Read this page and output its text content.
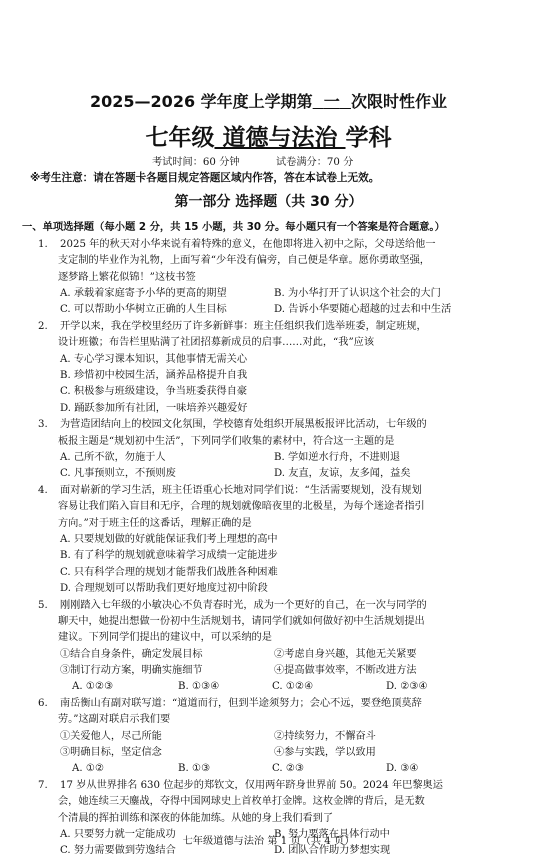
2025—2026 学年度上学期第 一 次限时性作业
七年级 道德与法治 学科
考试时间：60 分钟	试卷满分：70 分
※考生注意：请在答题卡各题目规定答题区域内作答，答在本试卷上无效。
第一部分 选择题（共 30 分）
一、单项选择题（每小题 2 分，共 15 小题，共 30 分。每小题只有一个答案是符合题意。）
1. 2025 年的秋天对小华来说有着特殊的意义，在他即将进入初中之际，父母送给他一
支定制的毕业作为礼物，上面写着“少年没有偏旁，自己便是华章。愿你勇敢坚强，
逐梦路上繁花似锦！”这枝书签
A. 承载着家庭寄予小华的更高的期望	B. 为小华打开了认识这个社会的大门
C. 可以帮助小华树立正确的人生目标	D. 告诉小华要随心超越的过去和中生活
2. 开学以来，我在学校里经历了许多新鲜事：班主任组织我们选举班委，制定班规，
设计班徽；布告栏里贴满了社团招募新成员的启事……对此，“我”应该
A. 专心学习课本知识，其他事情无需关心
B. 珍惜初中校园生活，涵养品格提升自我
C. 积极参与班级建设，争当班委获得自豪
D. 踊跃参加所有社团，一味培养兴趣爱好
3. 为营造团结向上的校园文化氛围，学校德育处组织开展黑板报评比活动，七年级的
板报主题是“规划初中生活”，下列同学们收集的素材中，符合这一主题的是
A. 己所不欲，勿施于人	B. 学如逆水行舟，不进则退
C. 凡事预则立，不预则废	D. 友直，友谅，友多闻，益矣
4. 面对崭新的学习生活，班主任语重心长地对同学们说：“生活需要规划，没有规划
容易让我们陷入盲目和无序，合理的规划就像暗夜里的北极星，为每个迷途者指引
方向。”对于班主任的这番话，理解正确的是
A. 只要规划做的好就能保证我们考上理想的高中
B. 有了科学的规划就意味着学习成绩一定能进步
C. 只有科学合理的规划才能帮我们战胜各种困难
D. 合理规划可以帮助我们更好地度过初中阶段
5. 刚刚踏入七年级的小敏决心不负青春时光，成为一个更好的自己，在一次与同学的
聊天中，她提出想做一份初中生活规划书，请同学们就如何做好初中生活规划提出
建议。下列同学们提出的建议中，可以采纳的是
①结合自身条件，确定发展目标	②考虑自身兴趣，其他无关紧要
③制订行动方案，明确实施细节	④提高做事效率，不断改进方法
A. ①②③	B. ①③④	C. ①②④	D. ②③④
6. 南岳衡山有副对联写道：“道道而行，但到半途须努力；会心不远，要登绝顶莫辞
劳。”这副对联启示我们要
①关爱他人，尽己所能	②持续努力，不懈奋斗
③明确目标，坚定信念	④参与实践，学以致用
A. ①②	B. ①③	C. ②③	D. ③④
7. 17 岁从世界排名 630 位起步的郑钦文，仅用两年跻身世界前 50。2024 年巴黎奥运
会，她连续三天鏖战，夺得中国网球史上首枚单打金牌。这枚金牌的背后，是无数
个清晨的挥拍训练和深夜的体能加练。从她的身上我们看到了
A. 只要努力就一定能成功	B. 努力要落在具体行动中
C. 努力需要做到劳逸结合	D. 团队合作助力梦想实现
七年级道德与法治 第 1 页（共 4 页）
